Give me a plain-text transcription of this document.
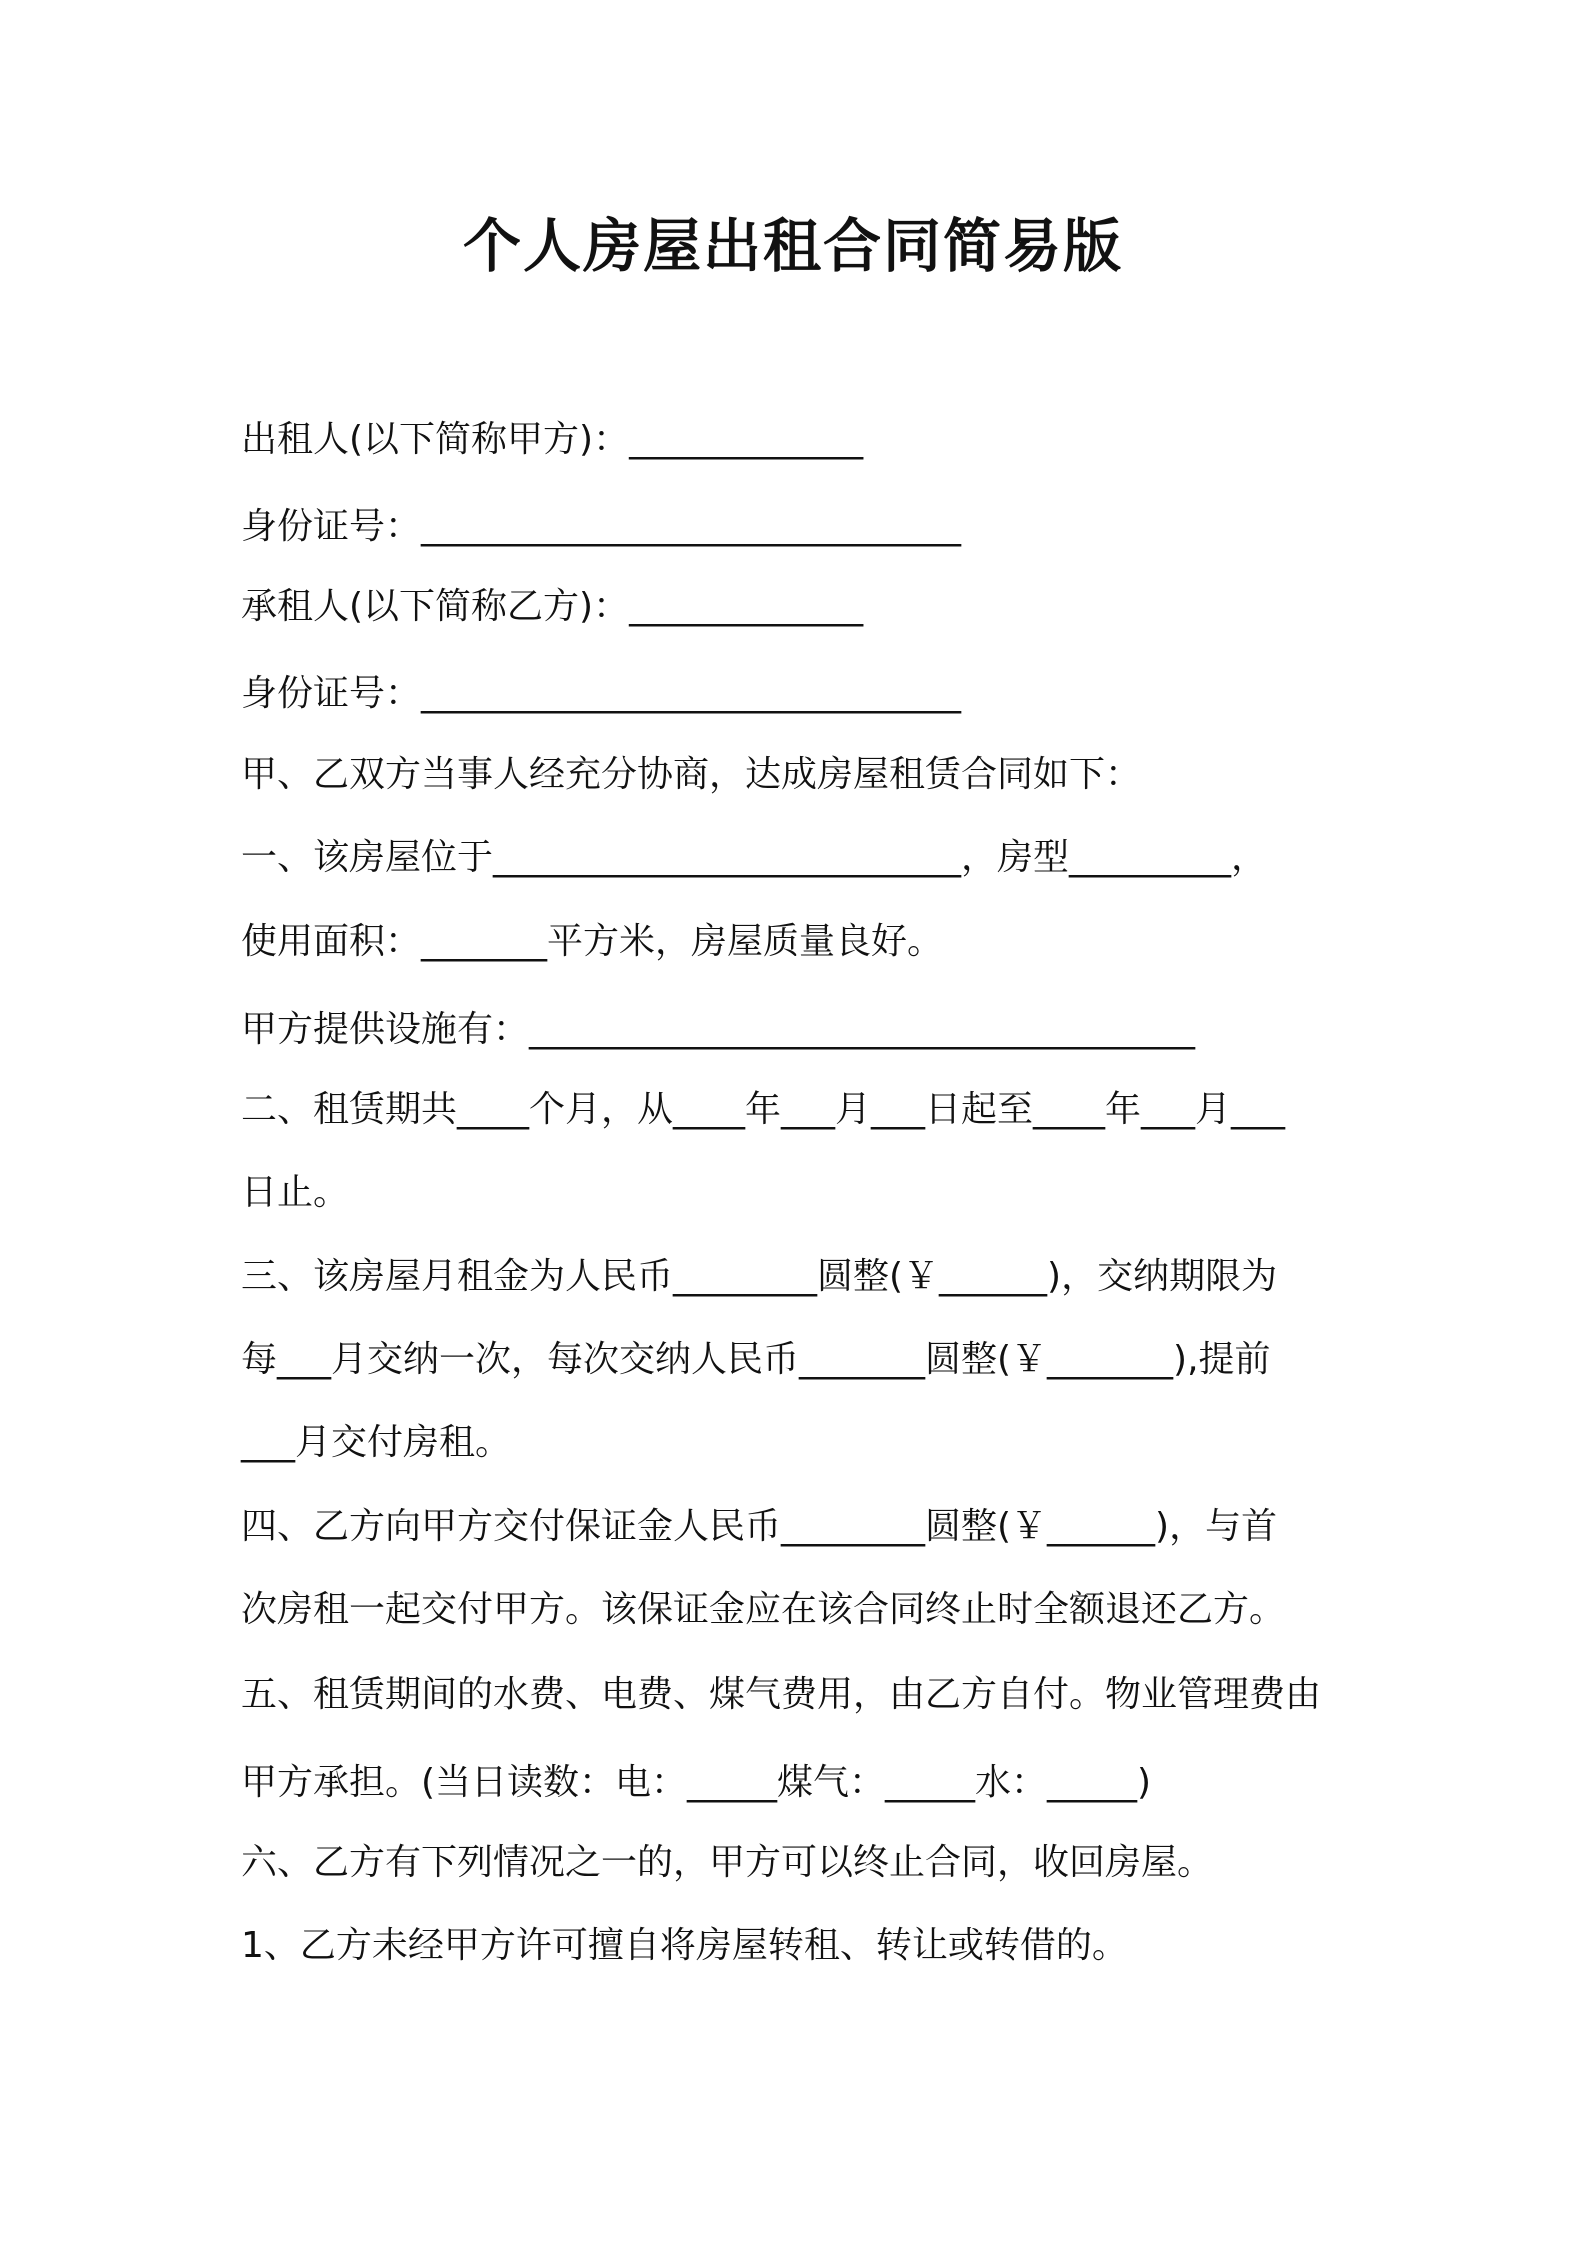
个人房屋出租合同简易版

出租人(以下简称甲方)：_____________

身份证号：______________________________

承租人(以下简称乙方)：_____________

身份证号：______________________________

甲、乙双方当事人经充分协商，达成房屋租赁合同如下：

一、该房屋位于__________________________，房型_________，

使用面积：_______平方米，房屋质量良好。

甲方提供设施有：_____________________________________

二、租赁期共____个月，从____年___月___日起至____年___月___

日止。

三、该房屋月租金为人民币________圆整(￥______)，交纳期限为

每___月交纳一次，每次交纳人民币_______圆整(￥_______),提前

___月交付房租。

四、乙方向甲方交付保证金人民币________圆整(￥______)，与首

次房租一起交付甲方。该保证金应在该合同终止时全额退还乙方。

五、租赁期间的水费、电费、煤气费用，由乙方自付。物业管理费由

甲方承担。(当日读数：电：_____煤气：_____水：_____)

六、乙方有下列情况之一的，甲方可以终止合同，收回房屋。

1、乙方未经甲方许可擅自将房屋转租、转让或转借的。
